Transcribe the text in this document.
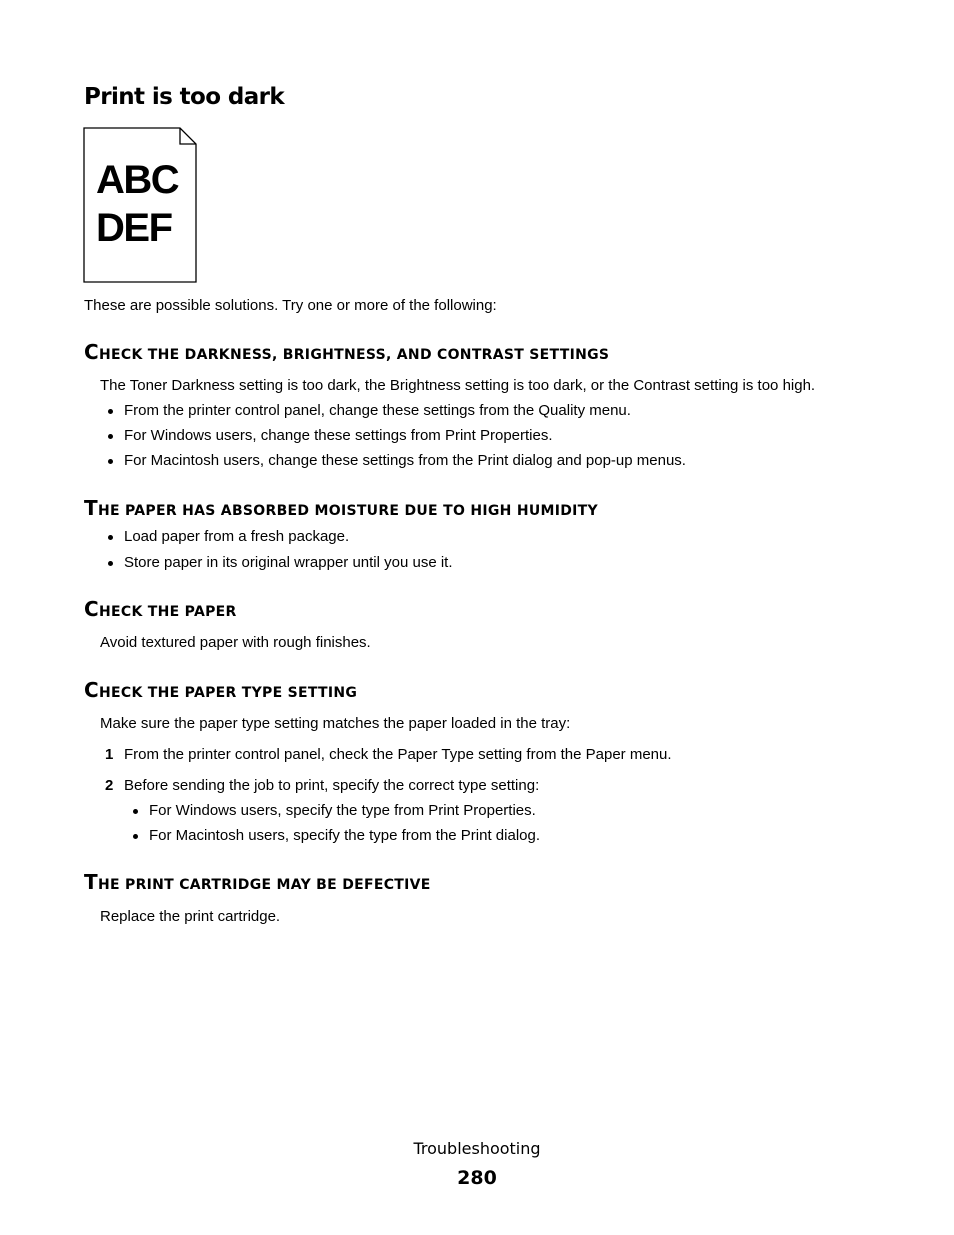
Print is too dark
ABC
DEF
These are possible solutions. Try one or more of the following:
CHECK THE DARKNESS, BRIGHTNESS, AND CONTRAST SETTINGS
The Toner Darkness setting is too dark, the Brightness setting is too dark, or the Contrast setting is too high.
From the printer control panel, change these settings from the Quality menu.
For Windows users, change these settings from Print Properties.
For Macintosh users, change these settings from the Print dialog and pop-up menus.
THE PAPER HAS ABSORBED MOISTURE DUE TO HIGH HUMIDITY
Load paper from a fresh package.
Store paper in its original wrapper until you use it.
CHECK THE PAPER
Avoid textured paper with rough finishes.
CHECK THE PAPER TYPE SETTING
Make sure the paper type setting matches the paper loaded in the tray:
1 From the printer control panel, check the Paper Type setting from the Paper menu.
2 Before sending the job to print, specify the correct type setting:
For Windows users, specify the type from Print Properties.
For Macintosh users, specify the type from the Print dialog.
THE PRINT CARTRIDGE MAY BE DEFECTIVE
Replace the print cartridge.
Troubleshooting
280
